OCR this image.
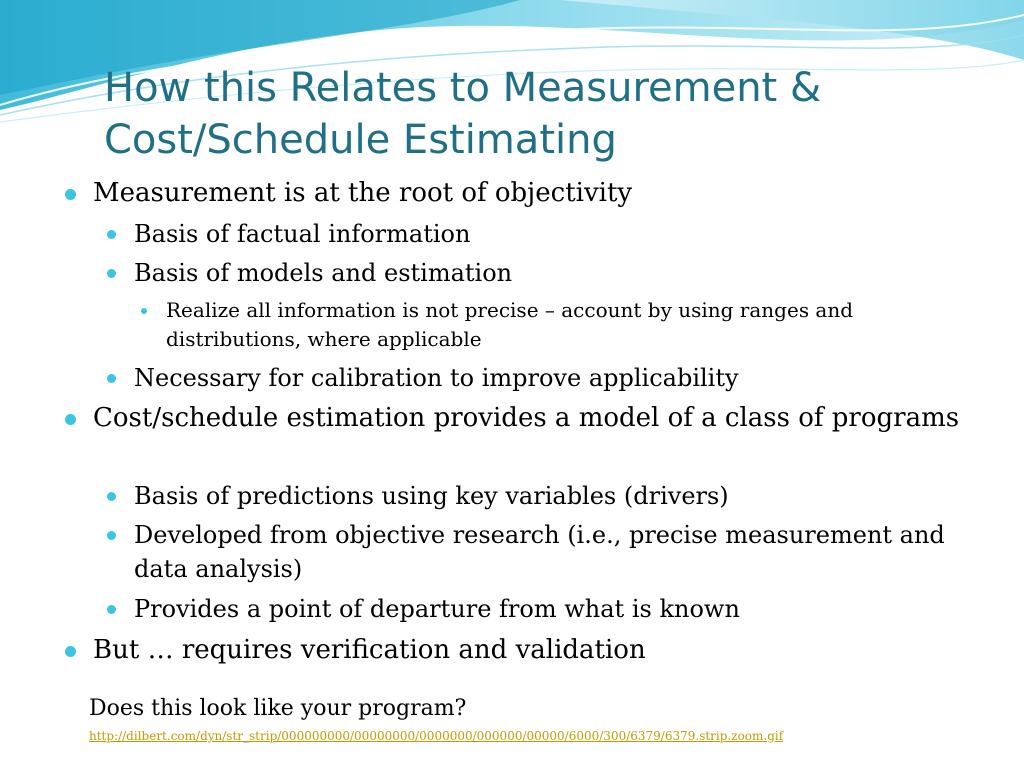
How this Relates to Measurement &
Cost/Schedule Estimating
Measurement is at the root of objectivity
Basis of factual information
Basis of models and estimation
Realize all information is not precise – account by using ranges and distributions, where applicable
Necessary for calibration to improve applicability
Cost/schedule estimation provides a model of a class of programs
Basis of predictions using key variables (drivers)
Developed from objective research (i.e., precise measurement and data analysis)
Provides a point of departure from what is known
But … requires verification and validation
Does this look like your program?
http://dilbert.com/dyn/str_strip/000000000/00000000/0000000/000000/00000/6000/300/6379/6379.strip.zoom.gif
